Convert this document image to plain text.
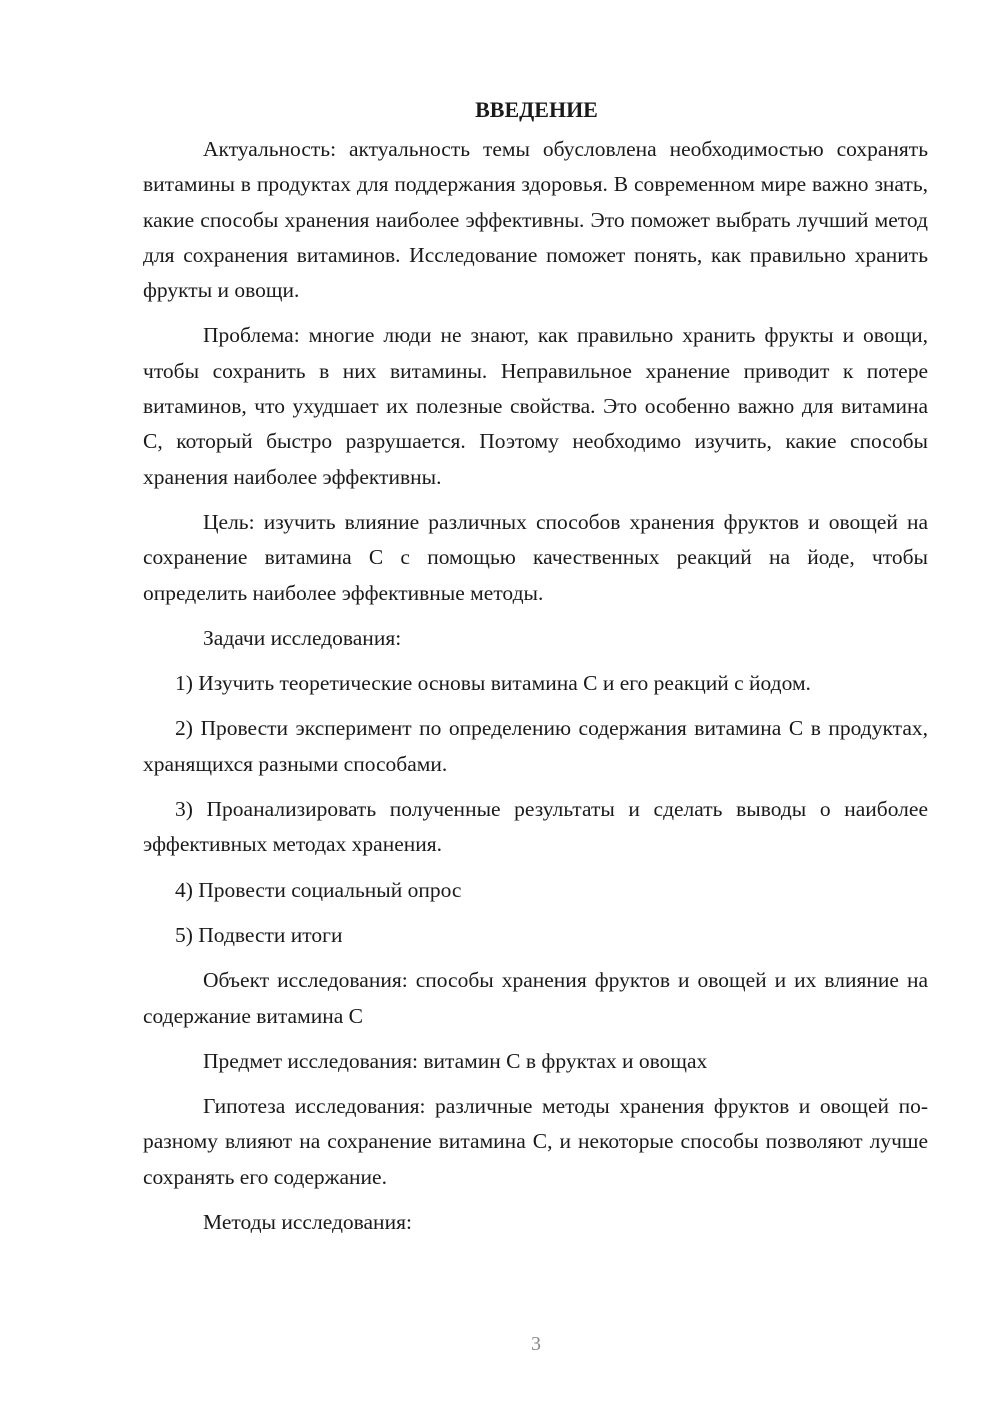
ВВЕДЕНИЕ

Актуальность: актуальность темы обусловлена необходимостью сохранять витамины в продуктах для поддержания здоровья. В современном мире важно знать, какие способы хранения наиболее эффективны. Это поможет выбрать лучший метод для сохранения витаминов. Исследование поможет понять, как правильно хранить фрукты и овощи.

Проблема: многие люди не знают, как правильно хранить фрукты и овощи, чтобы сохранить в них витамины. Неправильное хранение приводит к потере витаминов, что ухудшает их полезные свойства. Это особенно важно для витамина С, который быстро разрушается. Поэтому необходимо изучить, какие способы хранения наиболее эффективны.

Цель: изучить влияние различных способов хранения фруктов и овощей на сохранение витамина С с помощью качественных реакций на йоде, чтобы определить наиболее эффективные методы.

Задачи исследования:

1) Изучить теоретические основы витамина С и его реакций с йодом.

2) Провести эксперимент по определению содержания витамина С в продуктах, хранящихся разными способами.

3) Проанализировать полученные результаты и сделать выводы о наиболее эффективных методах хранения.

4) Провести социальный опрос

5) Подвести итоги

Объект исследования: способы хранения фруктов и овощей и их влияние на содержание витамина С

Предмет исследования: витамин С в фруктах и овощах

Гипотеза исследования: различные методы хранения фруктов и овощей по-разному влияют на сохранение витамина С, и некоторые способы позволяют лучше сохранять его содержание.

Методы исследования:

3
